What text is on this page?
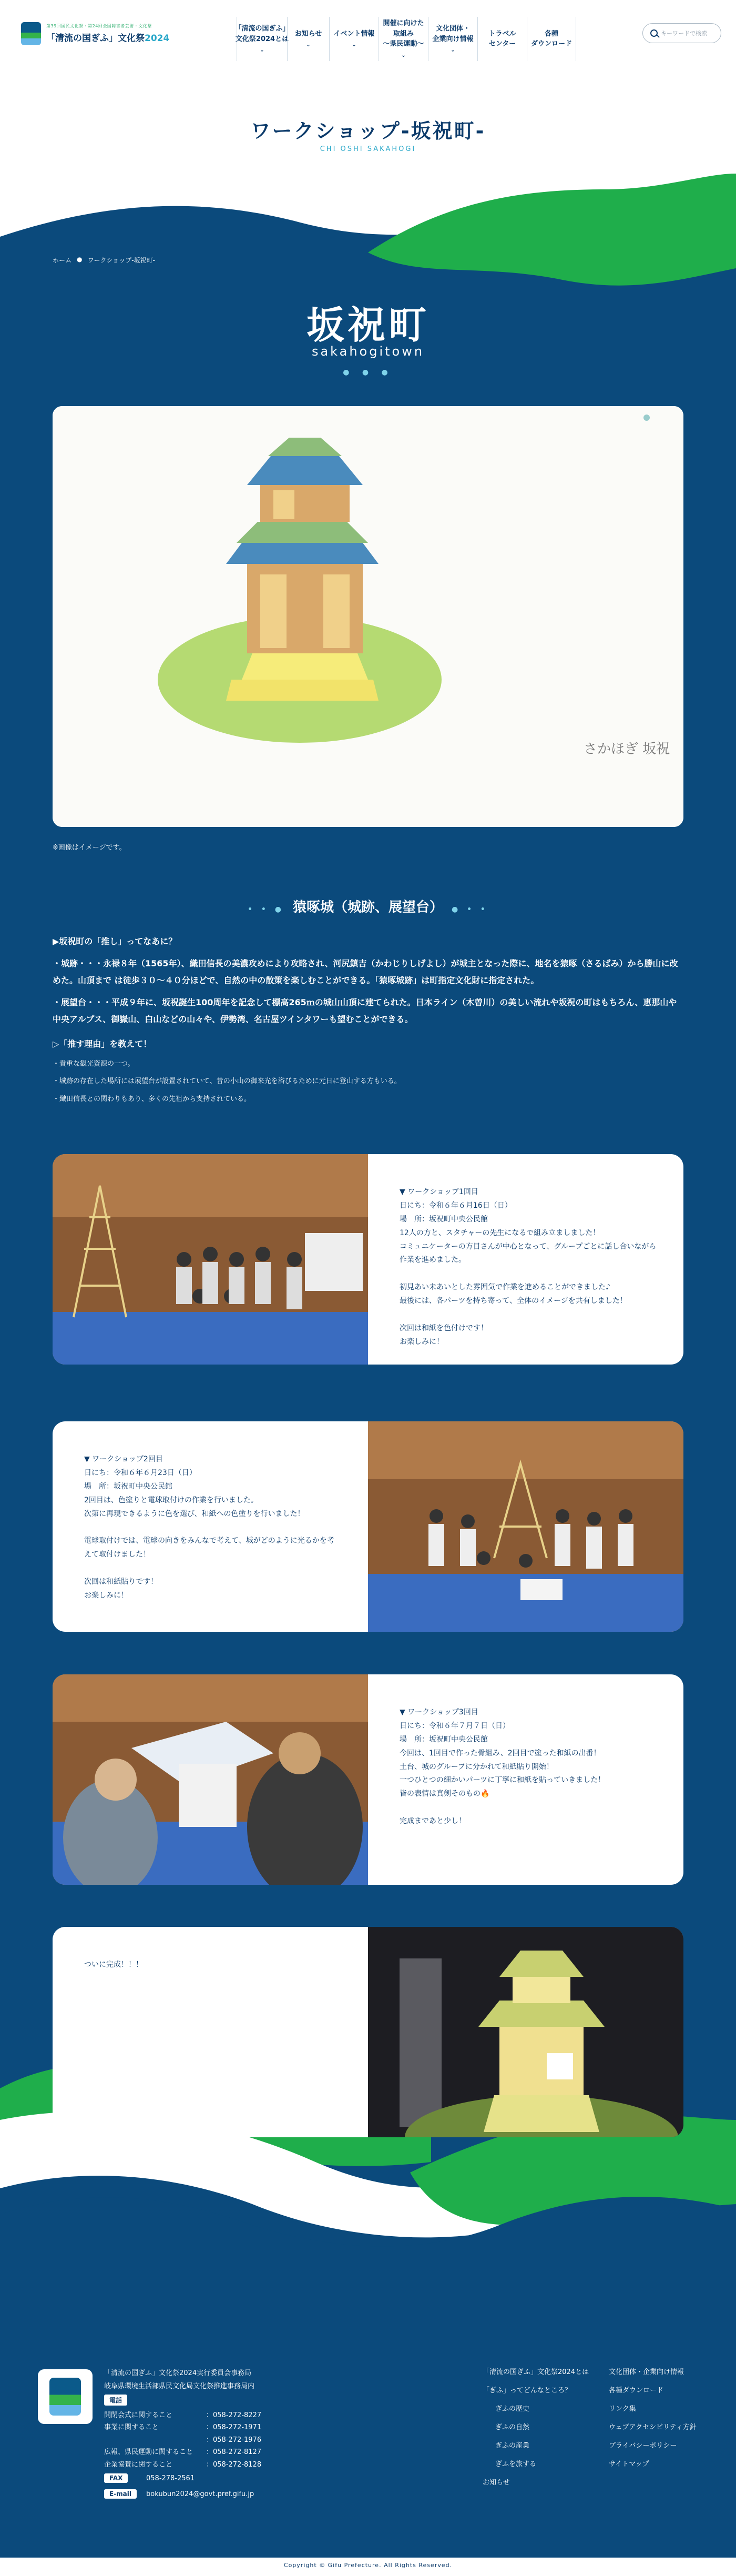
第39回国民文化祭・第24回全国障害者芸術・文化祭
「清流の国ぎふ」文化祭2024
「清流の国ぎふ」
文化祭2024とは
⌄
お知らせ
⌄
イベント情報
⌄
開催に向けた
取組み
～県民運動～
⌄
文化団体・
企業向け情報
⌄
トラベル
センター
各種
ダウンロード
キーワードで検索
ワークショップ-坂祝町-
CHI OSHI SAKAHOGI
ホーム ● ワークショップ-坂祝町-
坂祝町
sakahogitown
● ● ●
さかほぎ 坂祝
※画像はイメージです。
• • ● 猿啄城（城跡、展望台） ● • •

▶坂祝町の「推し」ってなあに？

・城跡・・・永禄８年（1565年）、織田信長の美濃攻めにより攻略され、河尻鎮吉（かわじりしげよし）が城主となった際に、地名を猿啄（さるばみ）から勝山に改めた。山頂まで は徒歩３０～４０分ほどで、自然の中の散策を楽しむことができる。「猿啄城跡」は町指定文化財に指定された。

・展望台・・・平成９年に、坂祝誕生100周年を記念して標高265ｍの城山山頂に建てられた。日本ライン（木曽川）の美しい流れや坂祝の町はもちろん、恵那山や中央アルプス、御嶽山、白山などの山々や、伊勢湾、名古屋ツインタワーも望むことができる。

▷「推す理由」を教えて！

・貴重な観光資源の一つ。

・城跡の存在した場所には展望台が設置されていて、昔の小山の御来光を浴びるために元日に登山する方もいる。

・織田信長との関わりもあり、多くの先祖から支持されている。

▼ ワークショップ1回目
日にち：令和６年６月16日（日）
場　所：坂祝町中央公民館
12人の方と、スタチャーの先生になるで組み立ましました！
コミュニケーターの方目さんが中心となって、グループごとに話し合いながら
作業を進めました。

初見あい未あいとした雰囲気で作業を進めることができました♪
最後には、各パーツを持ち寄って、全体のイメージを共有しました！

次回は和紙を色付けです！
お楽しみに！

▼ ワークショップ2回目
日にち：令和６年６月23日（日）
場　所：坂祝町中央公民館
2回目は、色塗りと電球取付けの作業を行いました。
次第に再現できるように色を選び、和紙への色塗りを行いました！

電球取付けでは、電球の向きをみんなで考えて、城がどのように光るかを考
えて取付けました！

次回は和紙貼りです！
お楽しみに！

▼ ワークショップ3回目
日にち：令和６年７月７日（日）
場　所：坂祝町中央公民館
今回は、1回目で作った骨組み、2回目で塗った和紙の出番！
土台、城のグループに分かれて和紙貼り開始！
一つひとつの細かいパーツに丁寧に和紙を貼っていきました！
皆の表情は真剣そのもの🔥

完成まであと少し！

ついに完成！！！

「清流の国ぎふ」文化祭2024実行委員会事務局
岐阜県環境生活部県民文化局文化祭推進事務局内
電話
開閉会式に関すること
事業に関すること

広報、県民運動に関すること
企業協賛に関すること
：058-272-8227
：058-272-1971
：058-272-1976
：058-272-8127
：058-272-8128
FAX	058-278-2561
E-mail	bokubun2024@govt.pref.gifu.jp
「清流の国ぎふ」文化祭2024とは
「ぎふ」ってどんなところ？
ぎふの歴史
ぎふの自然
ぎふの産業
ぎふを旅する
お知らせ
文化団体・企業向け情報
各種ダウンロード
リンク集
ウェブアクセシビリティ方針
プライバシーポリシー
サイトマップ
Copyright © Gifu Prefecture. All Rights Reserved.
